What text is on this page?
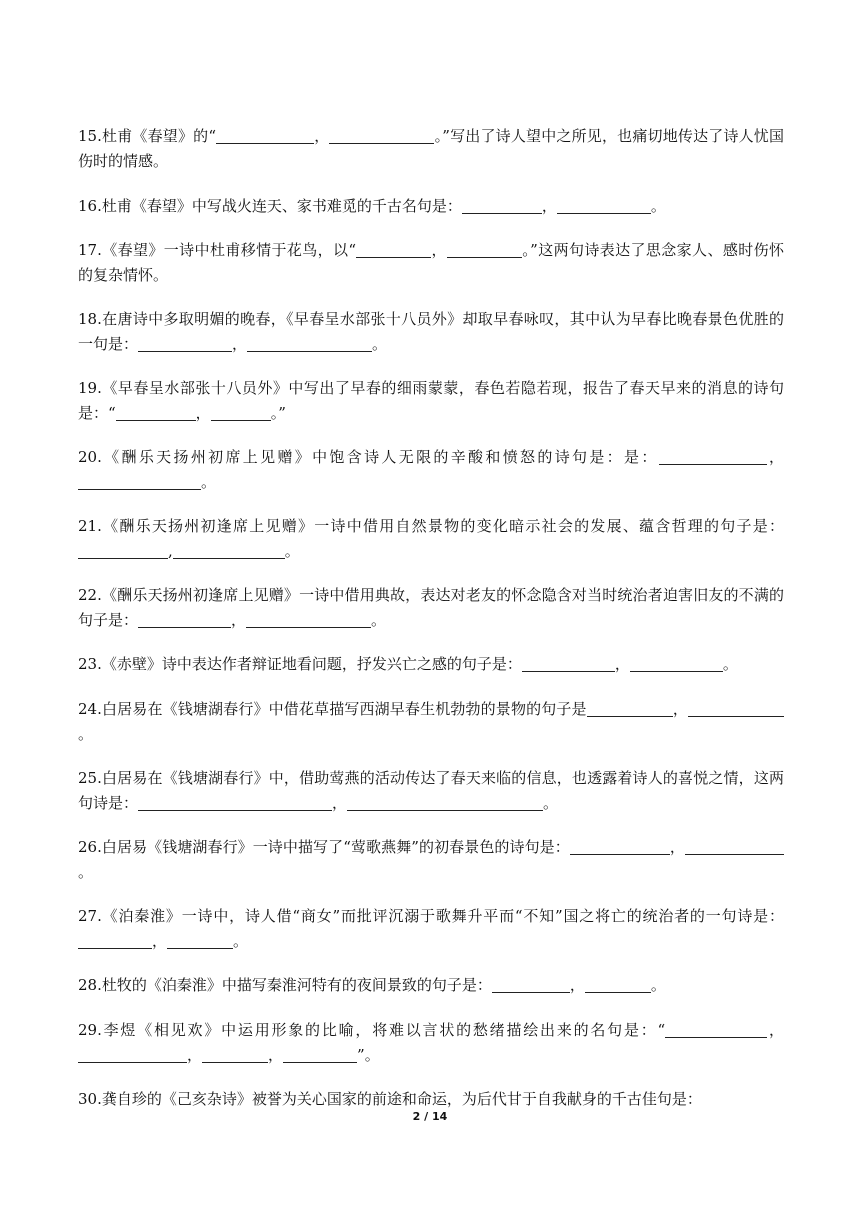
15.杜甫《春望》的“	，	。”写出了诗人望中之所见，也痛切地传达了诗人忧国伤时的情感。

16.杜甫《春望》中写战火连天、家书难觅的千古名句是：	，	。

17.《春望》一诗中杜甫移情于花鸟，以“	，	。”这两句诗表达了思念家人、感时伤怀的复杂情怀。

18.在唐诗中多取明媚的晚春，《早春呈水部张十八员外》却取早春咏叹，其中认为早春比晚春景色优胜的一句是：	，	。

19.《早春呈水部张十八员外》中写出了早春的细雨蒙蒙，春色若隐若现，报告了春天早来的消息的诗句是：“	，	。”

20.《酬乐天扬州初席上见赠》中饱含诗人无限的辛酸和愤怒的诗句是：是：	，。

21.《酬乐天扬州初逢席上见赠》一诗中借用自然景物的变化暗示社会的发展、蕴含哲理的句子是：,	。

22.《酬乐天扬州初逢席上见赠》一诗中借用典故，表达对老友的怀念隐含对当时统治者迫害旧友的不满的句子是：	，	。

23.《赤壁》诗中表达作者辩证地看问题，抒发兴亡之感的句子是：	，	。

24.白居易在《钱塘湖春行》中借花草描写西湖早春生机勃勃的景物的句子是	，。

25.白居易在《钱塘湖春行》中，借助莺燕的活动传达了春天来临的信息，也透露着诗人的喜悦之情，这两句诗是：	，	。

26.白居易《钱塘湖春行》一诗中描写了“莺歌燕舞”的初春景色的诗句是：	，。

27.《泊秦淮》一诗中，诗人借“商女”而批评沉溺于歌舞升平而“不知”国之将亡的统治者的一句诗是：，	。

28.杜牧的《泊秦淮》中描写秦淮河特有的夜间景致的句子是：	，	。

29.李煜《相见欢》中运用形象的比喻，将难以言状的愁绪描绘出来的名句是：“	，，	，	”。

30.龚自珍的《己亥杂诗》被誉为关心国家的前途和命运，为后代甘于自我献身的千古佳句是：

2 / 14
